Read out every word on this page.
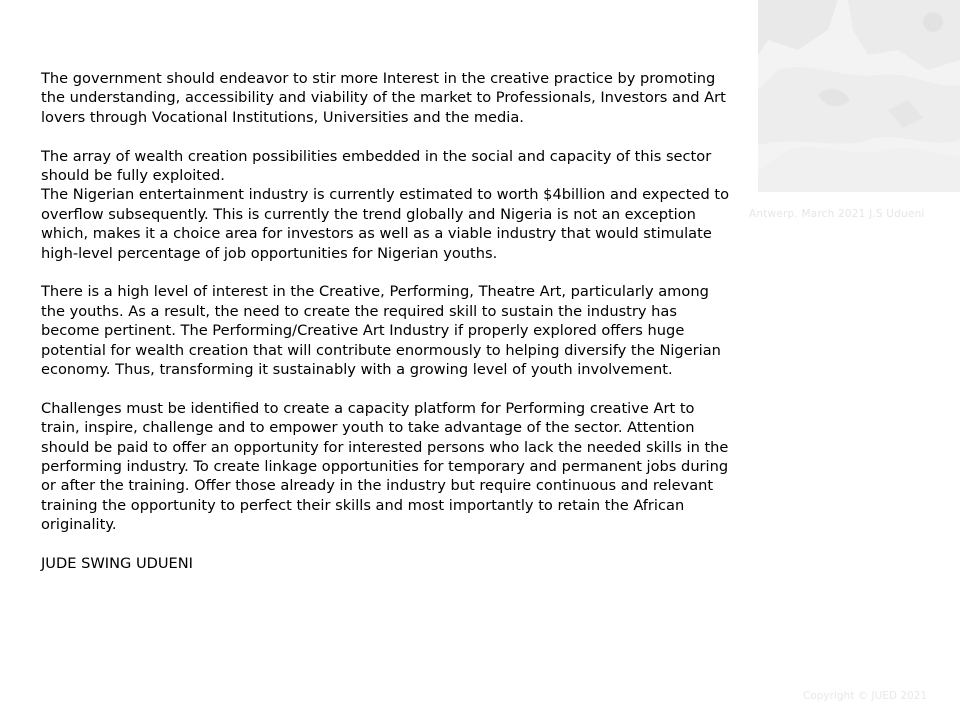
Antwerp. March 2021 J.S Udueni

The government should endeavor to stir more Interest in the creative practice by promoting the understanding, accessibility and viability of the market to Professionals, Investors and Art lovers through Vocational Institutions, Universities and the media.

The array of wealth creation possibilities embedded in the social and capacity of this sector should be fully exploited.

The Nigerian entertainment industry is currently estimated to worth $4billion and expected to overflow subsequently. This is currently the trend globally and Nigeria is not an exception which, makes it a choice area for investors as well as a viable industry that would stimulate high-level percentage of job opportunities for Nigerian youths.

There is a high level of interest in the Creative, Performing, Theatre Art, particularly among the youths. As a result, the need to create the required skill to sustain the industry has become pertinent. The Performing/Creative Art Industry if properly explored offers huge potential for wealth creation that will contribute enormously to helping diversify the Nigerian economy. Thus, transforming it sustainably with a growing level of youth involvement.

Challenges must be identified to create a capacity platform for Performing creative Art to train, inspire, challenge and to empower youth to take advantage of the sector. Attention should be paid to offer an opportunity for interested persons who lack the needed skills in the performing industry. To create linkage opportunities for temporary and permanent jobs during or after the training. Offer those already in the industry but require continuous and relevant training the opportunity to perfect their skills and most importantly to retain the African originality.

JUDE SWING UDUENI

Copyright © JUED 2021
